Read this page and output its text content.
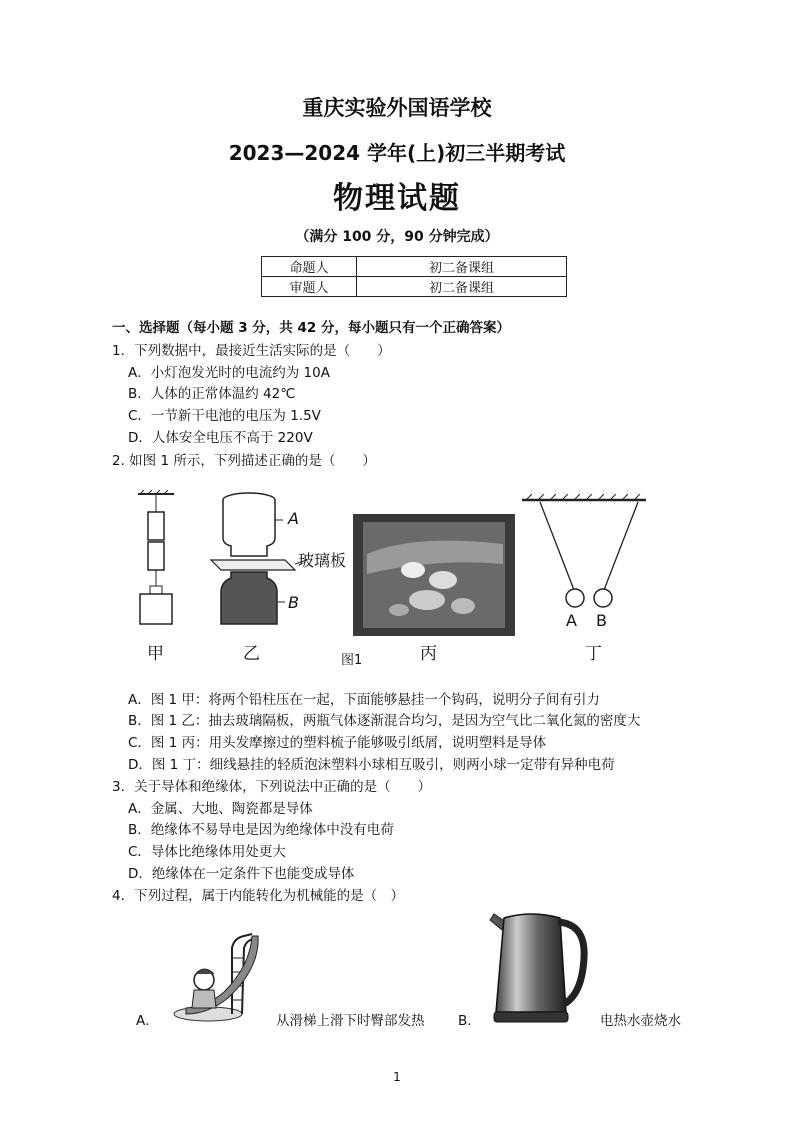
重庆实验外国语学校
2023—2024 学年(上)初三半期考试
物理试题
（满分 100 分，90 分钟完成）
命题人	初二备课组
审题人	初二备课组
一、选择题（每小题 3 分，共 42 分，每小题只有一个正确答案）
1．下列数据中，最接近生活实际的是（　　）
A．小灯泡发光时的电流约为 10A
B．人体的正常体温约 42℃
C．一节新干电池的电压为 1.5V
D．人体安全电压不高于 220V
2. 如图 1 所示，下列描述正确的是（　　）
A
玻璃板
B
A B
甲	乙	图1	丙	丁
A．图 1 甲：将两个铅柱压在一起，下面能够悬挂一个钩码，说明分子间有引力
B．图 1 乙：抽去玻璃隔板，两瓶气体逐渐混合均匀，是因为空气比二氧化氮的密度大
C．图 1 丙：用头发摩擦过的塑料梳子能够吸引纸屑，说明塑料是导体
D．图 1 丁：细线悬挂的轻质泡沫塑料小球相互吸引，则两小球一定带有异种电荷
3．关于导体和绝缘体，下列说法中正确的是（　　）
A．金属、大地、陶瓷都是导体
B．绝缘体不易导电是因为绝缘体中没有电荷
C．导体比绝缘体用处更大
D．绝缘体在一定条件下也能变成导体
4．下列过程，属于内能转化为机械能的是（　）
A．	从滑梯上滑下时臀部发热 B．	电热水壶烧水
1
